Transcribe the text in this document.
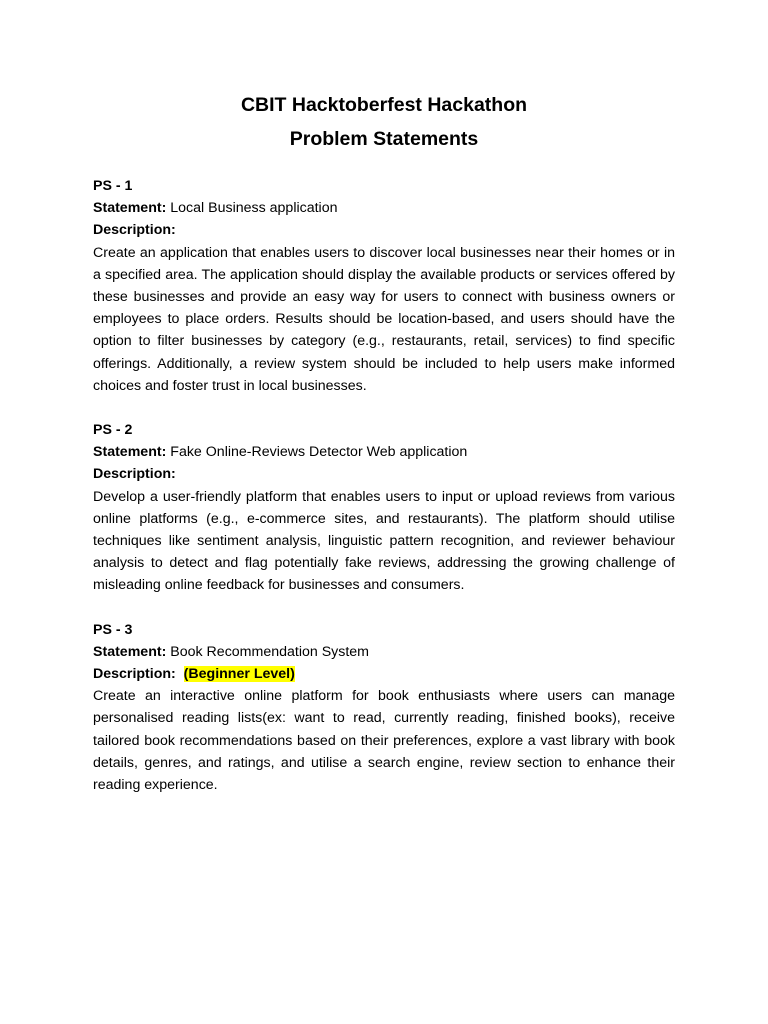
CBIT Hacktoberfest Hackathon

Problem Statements

PS - 1

Statement: Local Business application

Description:

Create an application that enables users to discover local businesses near their homes or in a specified area. The application should display the available products or services offered by these businesses and provide an easy way for users to connect with business owners or employees to place orders. Results should be location-based, and users should have the option to filter businesses by category (e.g., restaurants, retail, services) to find specific offerings. Additionally, a review system should be included to help users make informed choices and foster trust in local businesses.

PS - 2

Statement: Fake Online-Reviews Detector Web application

Description:

Develop a user-friendly platform that enables users to input or upload reviews from various online platforms (e.g., e-commerce sites, and restaurants). The platform should utilise techniques like sentiment analysis, linguistic pattern recognition, and reviewer behaviour analysis to detect and flag potentially fake reviews, addressing the growing challenge of misleading online feedback for businesses and consumers.

PS - 3

Statement: Book Recommendation System

Description: (Beginner Level)

Create an interactive online platform for book enthusiasts where users can manage personalised reading lists(ex: want to read, currently reading, finished books), receive tailored book recommendations based on their preferences, explore a vast library with book details, genres, and ratings, and utilise a search engine, review section to enhance their reading experience.
